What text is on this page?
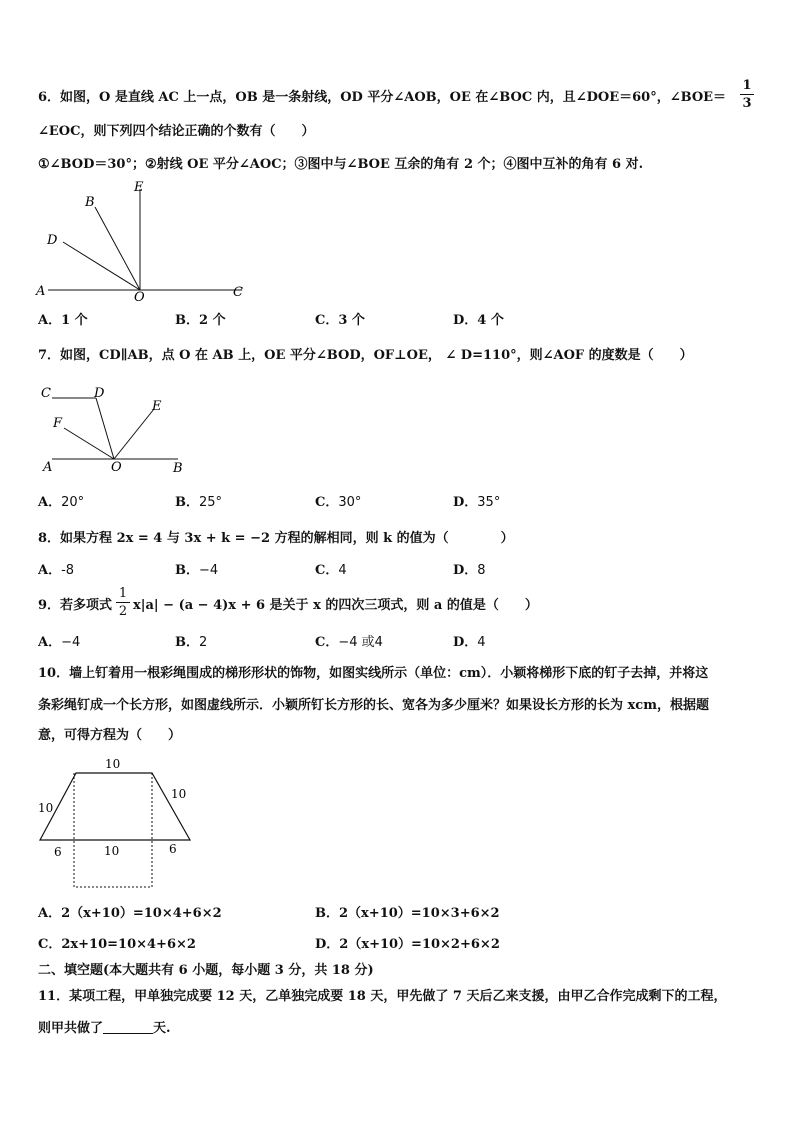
6．如图，O 是直线 AC 上一点，OB 是一条射线，OD 平分∠AOB，OE 在∠BOC 内，且∠DOE＝60°，∠BOE＝
1
3
∠EOC，则下列四个结论正确的个数有（　　）
①∠BOD＝30°；②射线 OE 平分∠AOC；③图中与∠BOE 互余的角有 2 个；④图中互补的角有 6 对.
E
B
D
A	O	C
A．1 个	B．2 个	C．3 个	D．4 个
7．如图，CD∥AB，点 O 在 AB 上，OE 平分∠BOD，OF⊥OE， ∠ D=110°，则∠AOF 的度数是（　　）
C	D
E
F
A	O	B
A．20°	B．25°	C．30°	D．35°
8．如果方程 2x = 4 与 3x + k = −2 方程的解相同，则 k 的值为（　　　　）
A．-8	B．−4	C．4	D．8
9．若多项式
1
2 x|a| − (a − 4)x + 6 是关于 x 的四次三项式，则 a 的值是（　　）
A．−4	B．2	C．−4 或4	D．4
10．墙上钉着用一根彩绳围成的梯形形状的饰物，如图实线所示（单位：cm）．小颖将梯形下底的钉子去掉，并将这
条彩绳钉成一个长方形，如图虚线所示．小颖所钉长方形的长、宽各为多少厘米？如果设长方形的长为 xcm，根据题
意，可得方程为（　　）
10
10
10
6	10	6
A．2（x+10）=10×4+6×2	B．2（x+10）=10×3+6×2
C．2x+10=10×4+6×2	D．2（x+10）=10×2+6×2
二、填空题(本大题共有 6 小题，每小题 3 分，共 18 分)
11．某项工程，甲单独完成要 12 天，乙单独完成要 18 天，甲先做了 7 天后乙来支援，由甲乙合作完成剩下的工程，
则甲共做了	天.
